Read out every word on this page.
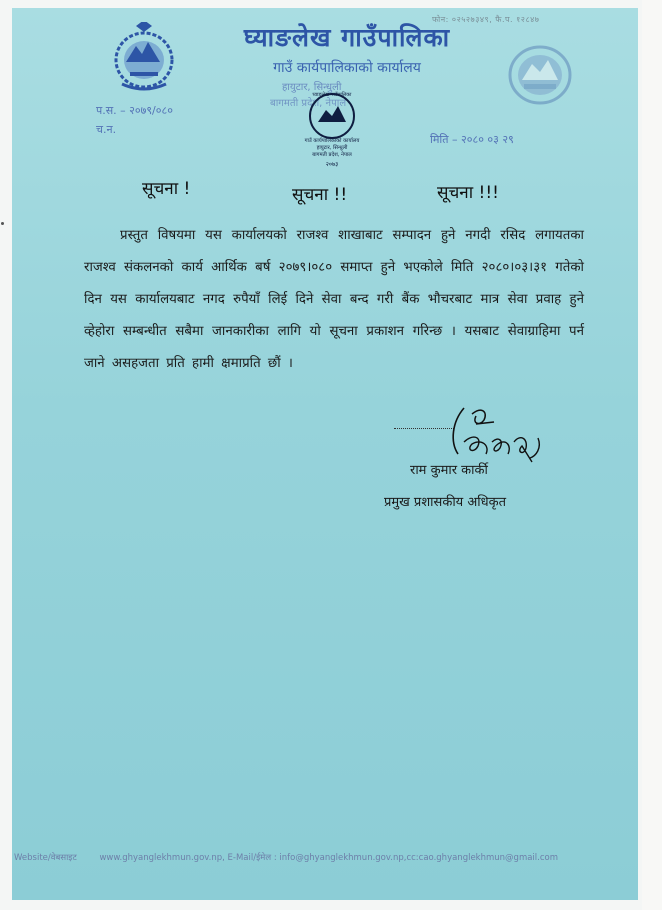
फोन: ०२५२७३४९, फै.प. १२८४७
घ्याङलेख गाउँपालिका
गाउँ कार्यपालिकाको कार्यालय
हायुटार, सिन्धुली
बागमती प्रदेश, नेपाल
प.स. – २०७९/०८०
च.न.
मिति – २०८० ०३ २९
घ्याङलेख गाउँपालिका
गाउँ कार्यपालिकाको कार्यालय
हायुटार, सिन्धुली
बागमती प्रदेश, नेपाल
२०७३
सूचना !	सूचना !!	सूचना !!!
प्रस्तुत विषयमा यस कार्यालयको राजश्व शाखाबाट सम्पादन हुने नगदी रसिद लगायतका राजश्व संकलनको कार्य आर्थिक बर्ष २०७९।०८० समाप्त हुने भएकोले मिति २०८०।०३।३१ गतेको दिन यस कार्यालयबाट नगद रुपैयाँ लिई दिने सेवा बन्द गरी बैंक भौचरबाट मात्र सेवा प्रवाह हुने व्हेहोरा सम्बन्धीत सबैमा जानकारीका लागि यो सूचना प्रकाशन गरिन्छ । यसबाट सेवाग्राहिमा पर्न जाने असहजता प्रति हामी क्षमाप्रति छौं ।
राम कुमार कार्की
प्रमुख प्रशासकीय अधिकृत
Website/वेबसाइट	www.ghyanglekhmun.gov.np, E-Mail/ईमेल : info@ghyanglekhmun.gov.np,cc:cao.ghyanglekhmun@gmail.com
